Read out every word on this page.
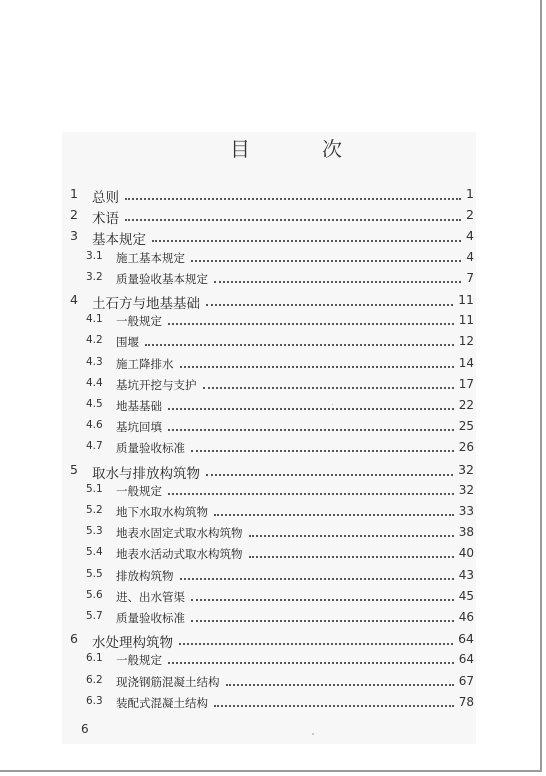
目　次
1 总则	1
2 术语	2
3 基本规定	4
3.1 施工基本规定	4
3.2 质量验收基本规定	7
4 土石方与地基基础	11
4.1 一般规定	11
4.2 围堰	12
4.3 施工降排水	14
4.4 基坑开挖与支护	17
4.5 地基基础	22
4.6 基坑回填	25
4.7 质量验收标准	26
5 取水与排放构筑物	32
5.1 一般规定	32
5.2 地下水取水构筑物	33
5.3 地表水固定式取水构筑物	38
5.4 地表水活动式取水构筑物	40
5.5 排放构筑物	43
5.6 进、出水管渠	45
5.7 质量验收标准	46
6 水处理构筑物	64
6.1 一般规定	64
6.2 现浇钢筋混凝土结构	67
6.3 装配式混凝土结构	78
6
